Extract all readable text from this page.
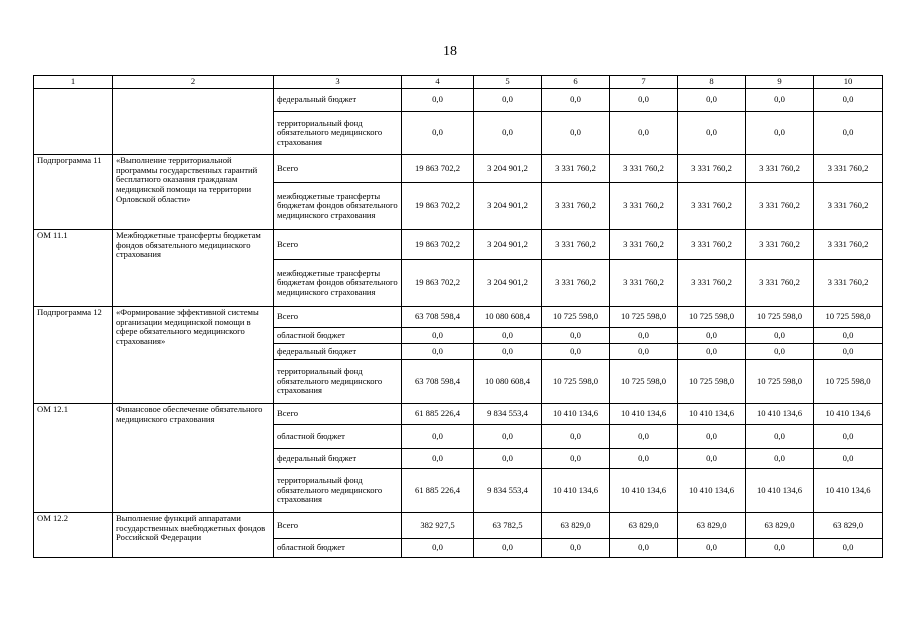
18
1	2	3	4	5	6	7	8	9	10
		федеральный бюджет	0,0	0,0	0,0	0,0	0,0	0,0	0,0
		территориальный фонд обязательного медицинского страхования	0,0	0,0	0,0	0,0	0,0	0,0	0,0
Подпрограмма 11	«Выполнение территориальной программы государственных гарантий бесплатного оказания гражданам медицинской помощи на территории Орловской области»	Всего	19 863 702,2	3 204 901,2	3 331 760,2	3 331 760,2	3 331 760,2	3 331 760,2	3 331 760,2
		межбюджетные трансферты бюджетам фондов обязательного медицинского страхования	19 863 702,2	3 204 901,2	3 331 760,2	3 331 760,2	3 331 760,2	3 331 760,2	3 331 760,2
ОМ 11.1	Межбюджетные трансферты бюджетам фондов обязательного медицинского страхования	Всего	19 863 702,2	3 204 901,2	3 331 760,2	3 331 760,2	3 331 760,2	3 331 760,2	3 331 760,2
		межбюджетные трансферты бюджетам фондов обязательного медицинского страхования	19 863 702,2	3 204 901,2	3 331 760,2	3 331 760,2	3 331 760,2	3 331 760,2	3 331 760,2
Подпрограмма 12	«Формирование эффективной системы организации медицинской помощи в сфере обязательного медицинского страхования»	Всего	63 708 598,4	10 080 608,4	10 725 598,0	10 725 598,0	10 725 598,0	10 725 598,0	10 725 598,0
		областной бюджет	0,0	0,0	0,0	0,0	0,0	0,0	0,0
		федеральный бюджет	0,0	0,0	0,0	0,0	0,0	0,0	0,0
		территориальный фонд обязательного медицинского страхования	63 708 598,4	10 080 608,4	10 725 598,0	10 725 598,0	10 725 598,0	10 725 598,0	10 725 598,0
ОМ 12.1	Финансовое обеспечение обязательного медицинского страхования	Всего	61 885 226,4	9 834 553,4	10 410 134,6	10 410 134,6	10 410 134,6	10 410 134,6	10 410 134,6
		областной бюджет	0,0	0,0	0,0	0,0	0,0	0,0	0,0
		федеральный бюджет	0,0	0,0	0,0	0,0	0,0	0,0	0,0
		территориальный фонд обязательного медицинского страхования	61 885 226,4	9 834 553,4	10 410 134,6	10 410 134,6	10 410 134,6	10 410 134,6	10 410 134,6
ОМ 12.2	Выполнение функций аппаратами государственных внебюджетных фондов Российской Федерации	Всего	382 927,5	63 782,5	63 829,0	63 829,0	63 829,0	63 829,0	63 829,0
		областной бюджет	0,0	0,0	0,0	0,0	0,0	0,0	0,0
